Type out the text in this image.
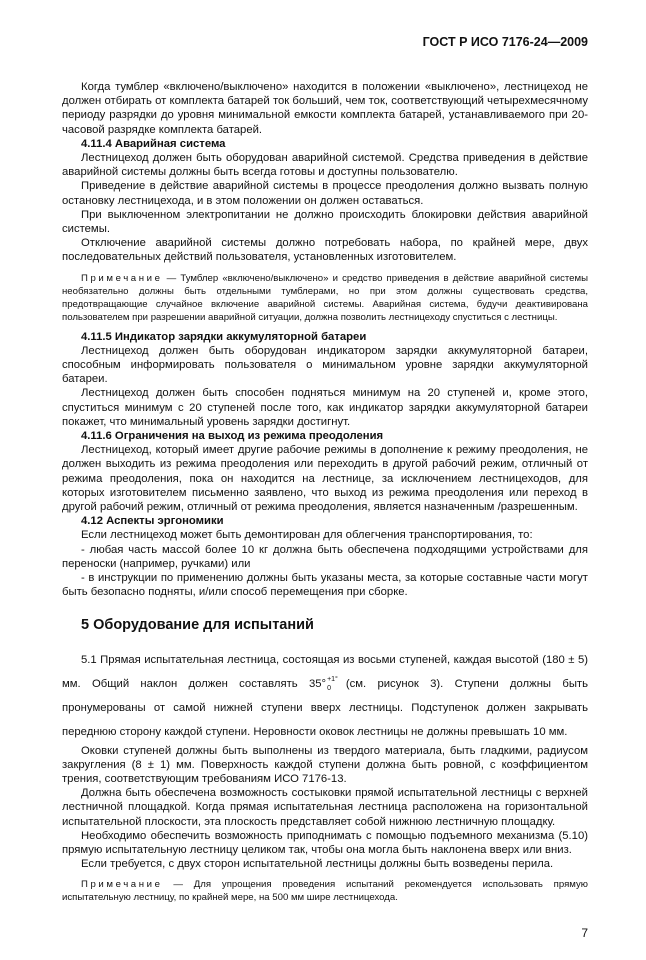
ГОСТ Р ИСО 7176-24—2009

Когда тумблер «включено/выключено» находится в положении «выключено», лестницеход не должен отбирать от комплекта батарей ток больший, чем ток, соответствующий четырехмесячному периоду разрядки до уровня минимальной емкости комплекта батарей, устанавливаемого при 20-часовой разрядке комплекта батарей.

4.11.4 Аварийная система

Лестницеход должен быть оборудован аварийной системой. Средства приведения в действие аварийной системы должны быть всегда готовы и доступны пользователю.

Приведение в действие аварийной системы в процессе преодоления должно вызвать полную остановку лестницехода, и в этом положении он должен оставаться.

При выключенном электропитании не должно происходить блокировки действия аварийной системы.

Отключение аварийной системы должно потребовать набора, по крайней мере, двух последовательных действий пользователя, установленных изготовителем.

Примечание — Тумблер «включено/выключено» и средство приведения в действие аварийной системы необязательно должны быть отдельными тумблерами, но при этом должны существовать средства, предотвращающие случайное включение аварийной системы. Аварийная система, будучи деактивирована пользователем при разрешении аварийной ситуации, должна позволить лестницеходу спуститься с лестницы.

4.11.5 Индикатор зарядки аккумуляторной батареи

Лестницеход должен быть оборудован индикатором зарядки аккумуляторной батареи, способным информировать пользователя о минимальном уровне зарядки аккумуляторной батареи.

Лестницеход должен быть способен подняться минимум на 20 ступеней и, кроме этого, спуститься минимум с 20 ступеней после того, как индикатор зарядки аккумуляторной батареи покажет, что минимальный уровень зарядки достигнут.

4.11.6 Ограничения на выход из режима преодоления

Лестницеход, который имеет другие рабочие режимы в дополнение к режиму преодоления, не должен выходить из режима преодоления или переходить в другой рабочий режим, отличный от режима преодоления, пока он находится на лестнице, за исключением лестницеходов, для которых изготовителем письменно заявлено, что выход из режима преодоления или переход в другой рабочий режим, отличный от режима преодоления, является назначенным /разрешенным.

4.12 Аспекты эргономики

Если лестницеход может быть демонтирован для облегчения транспортирования, то:

- любая часть массой более 10 кг должна быть обеспечена подходящими устройствами для переноски (например, ручками) или

- в инструкции по применению должны быть указаны места, за которые составные части могут быть безопасно подняты, и/или способ перемещения при сборке.

5 Оборудование для испытаний

5.1 Прямая испытательная лестница, состоящая из восьми ступеней, каждая высотой (180 ± 5) мм. Общий наклон должен составлять 35° +1°
0	(см. рисунок 3). Ступени должны быть пронумерованы от самой нижней ступени вверх лестницы. Подступенок должен закрывать переднюю сторону каждой ступени. Неровности оковок лестницы не должны превышать 10 мм.

Оковки ступеней должны быть выполнены из твердого материала, быть гладкими, радиусом закругления (8 ± 1) мм. Поверхность каждой ступени должна быть ровной, с коэффициентом трения, соответствующим требованиям ИСО 7176-13.

Должна быть обеспечена возможность состыковки прямой испытательной лестницы с верхней лестничной площадкой. Когда прямая испытательная лестница расположена на горизонтальной испытательной плоскости, эта плоскость представляет собой нижнюю лестничную площадку.

Необходимо обеспечить возможность приподнимать с помощью подъемного механизма (5.10) прямую испытательную лестницу целиком так, чтобы она могла быть наклонена вверх или вниз.

Если требуется, с двух сторон испытательной лестницы должны быть возведены перила.

Примечание — Для упрощения проведения испытаний рекомендуется использовать прямую испытательную лестницу, по крайней мере, на 500 мм шире лестницехода.

7
